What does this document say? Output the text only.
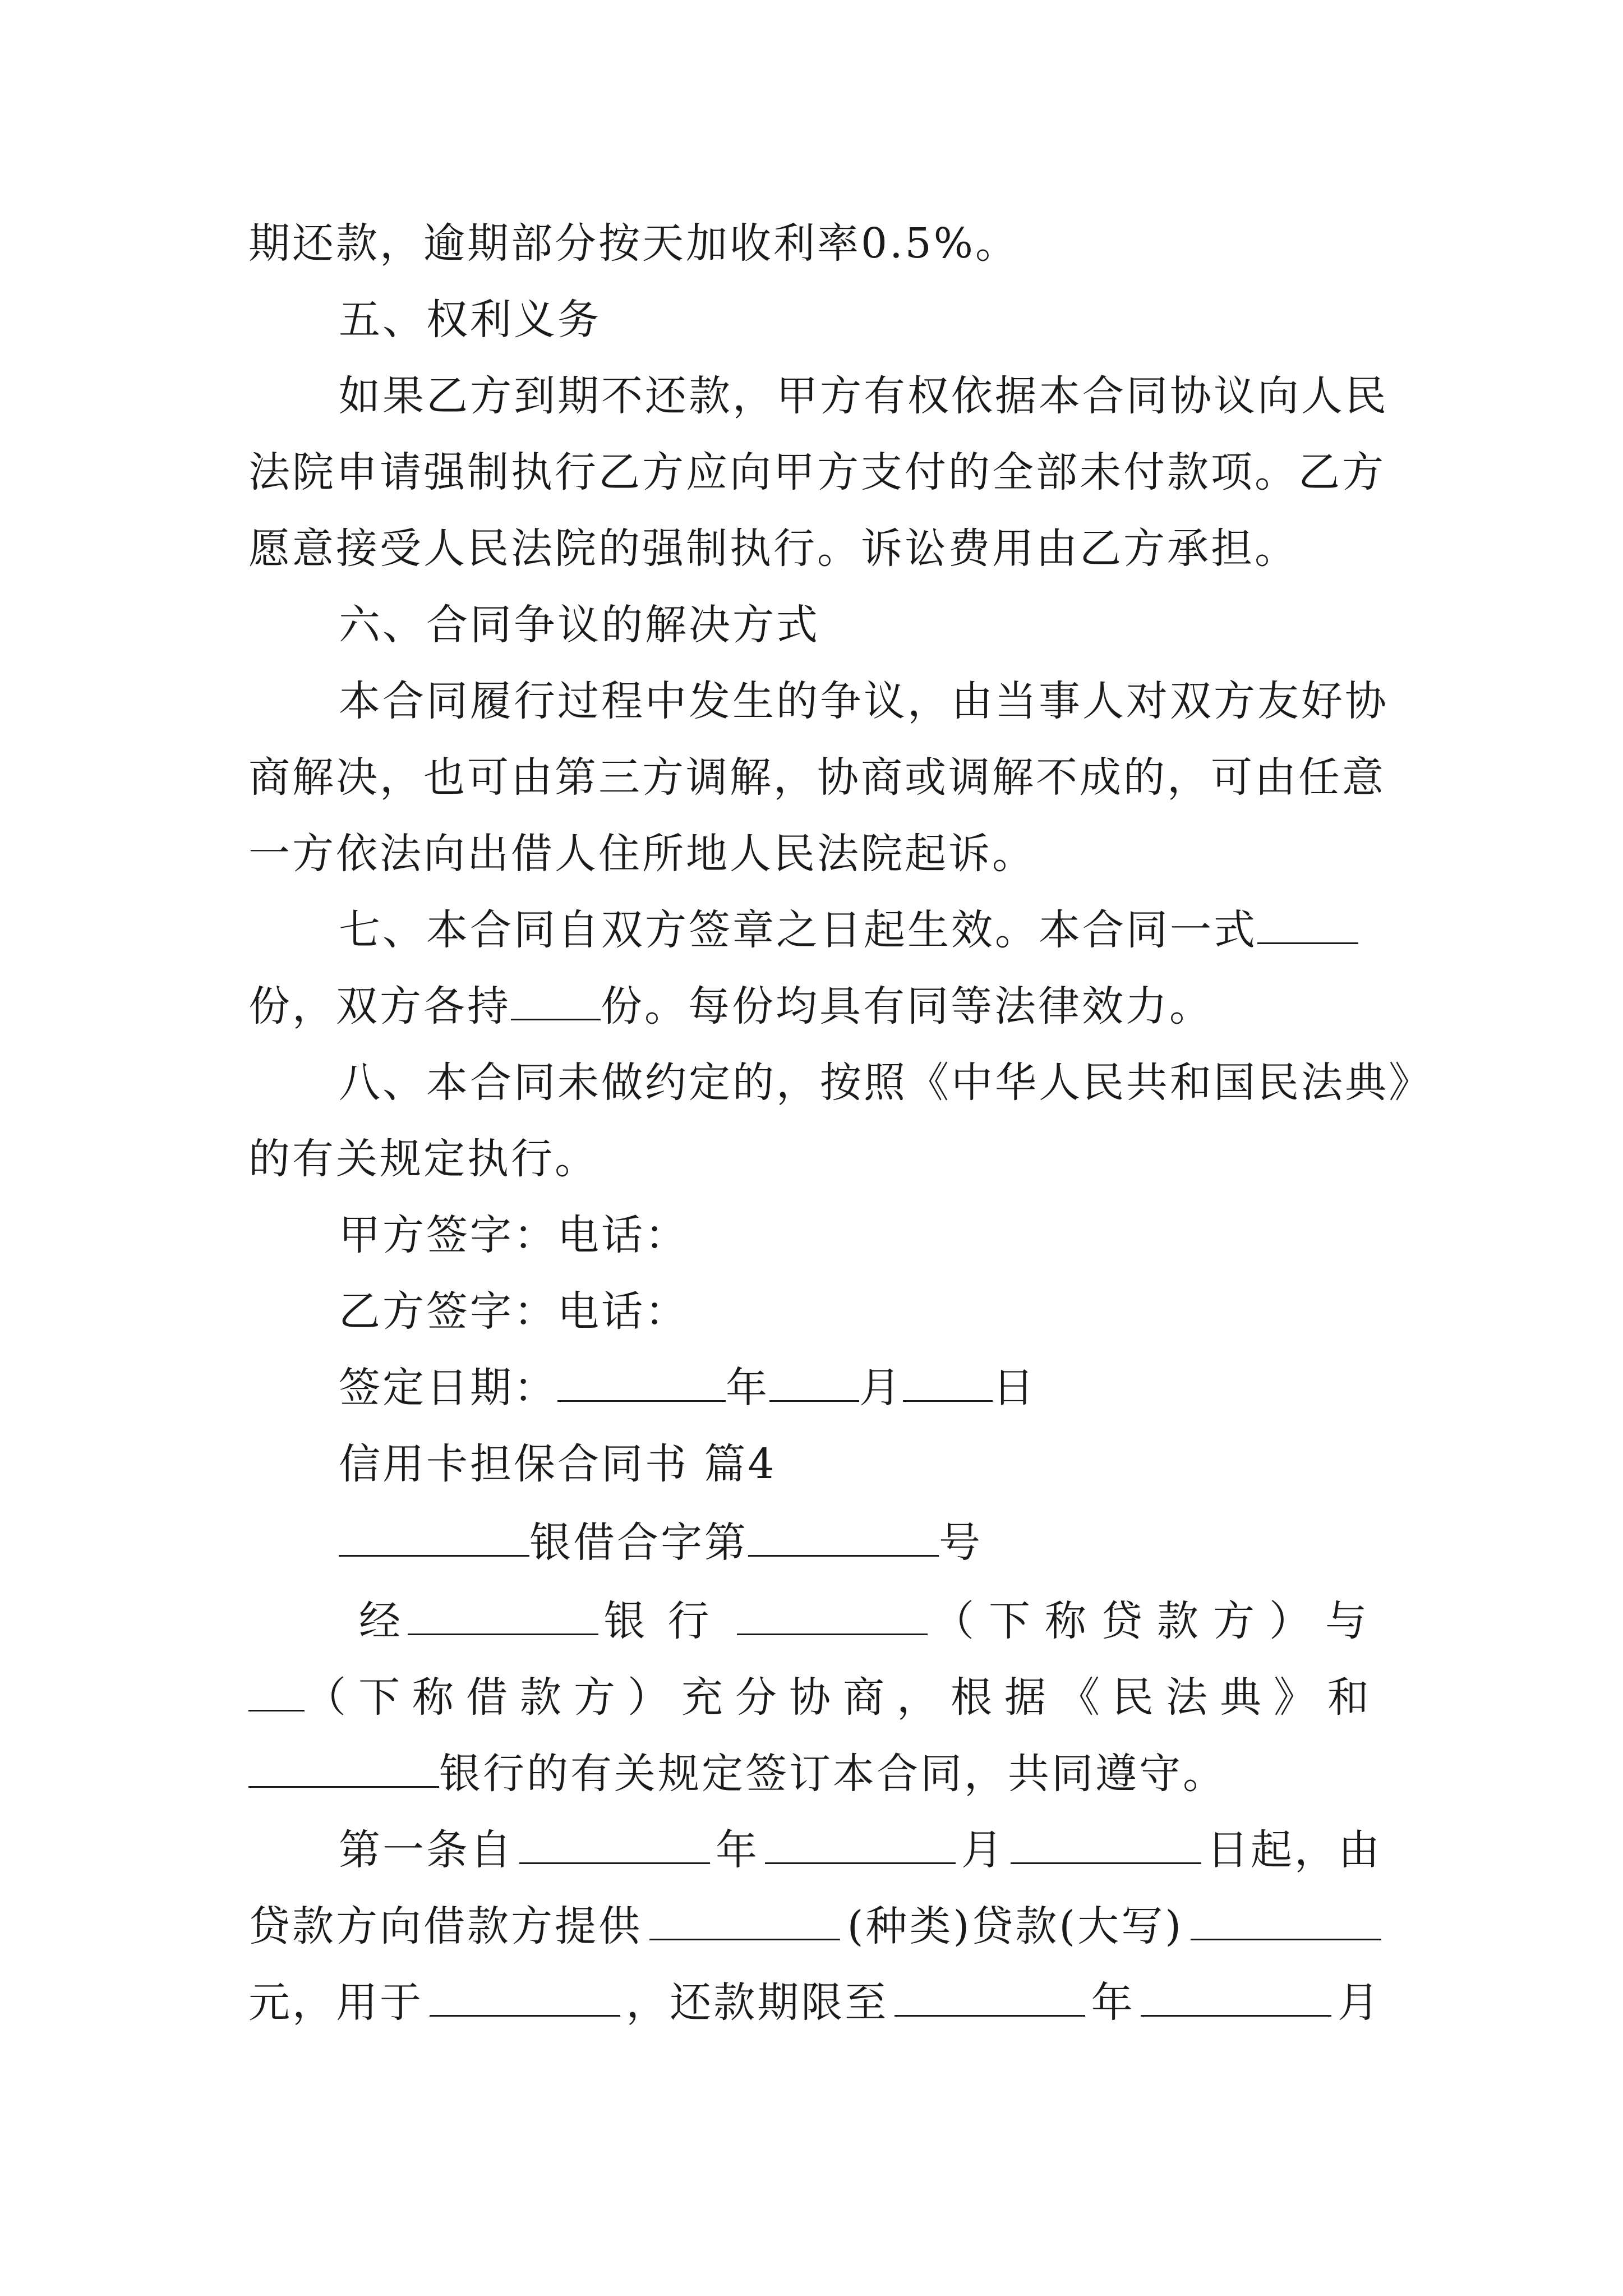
期还款，逾期部分按天加收利率0.5%。
五、权利义务
如果乙方到期不还款，甲方有权依据本合同协议向人民
法院申请强制执行乙方应向甲方支付的全部未付款项。乙方
愿意接受人民法院的强制执行。诉讼费用由乙方承担。
六、合同争议的解决方式
本合同履行过程中发生的争议，由当事人对双方友好协
商解决，也可由第三方调解，协商或调解不成的，可由任意
一方依法向出借人住所地人民法院起诉。
七、本合同自双方签章之日起生效。本合同一式
份，双方各持 份。每份均具有同等法律效力。
八、本合同未做约定的，按照《中华人民共和国民法典》
的有关规定执行。
甲方签字：电话：
乙方签字：电话：
签定日期：	年 月 日
信用卡担保合同书 篇4
银借合字第	号
经	银行	（下称贷款方）与
（下称借款方）充分协商，根据《民法典》和
银行的有关规定签订本合同，共同遵守。
第一条自	年	月	日起，由
贷款方向借款方提供	(种类)贷款(大写)
元，用于	，还款期限至	年	月
